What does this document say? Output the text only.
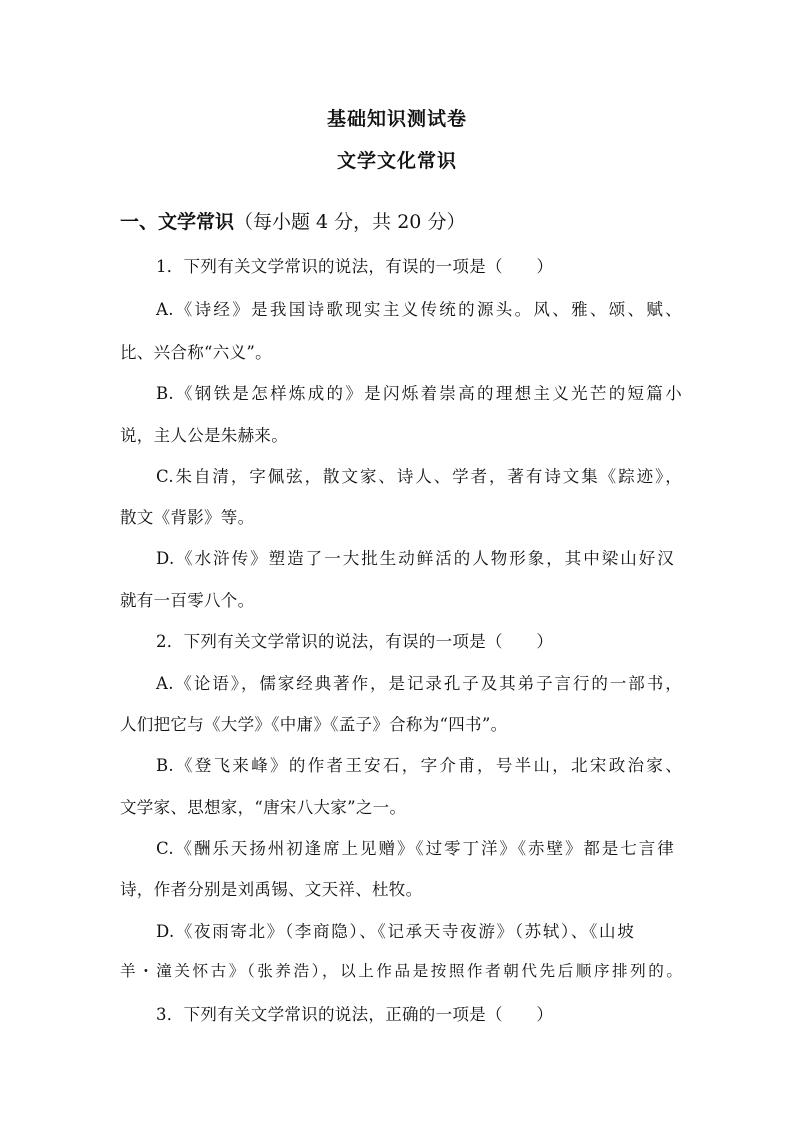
基础知识测试卷
文学文化常识
一、文学常识（每小题 4 分，共 20 分）
1．下列有关文学常识的说法，有误的一项是（　　）
A.《诗经》是我国诗歌现实主义传统的源头。风、雅、颂、赋、
比、兴合称“六义”。
B.《钢铁是怎样炼成的》是闪烁着崇高的理想主义光芒的短篇小
说，主人公是朱赫来。
C.朱自清，字佩弦，散文家、诗人、学者，著有诗文集《踪迹》，
散文《背影》等。
D.《水浒传》塑造了一大批生动鲜活的人物形象，其中梁山好汉
就有一百零八个。
2．下列有关文学常识的说法，有误的一项是（　　）
A.《论语》，儒家经典著作，是记录孔子及其弟子言行的一部书，
人们把它与《大学》《中庸》《孟子》合称为“四书”。
B.《登飞来峰》的作者王安石，字介甫，号半山，北宋政治家、
文学家、思想家，“唐宋八大家”之一。
C.《酬乐天扬州初逢席上见赠》《过零丁洋》《赤壁》都是七言律
诗，作者分别是刘禹锡、文天祥、杜牧。
D.《夜雨寄北》（李商隐）、《记承天寺夜游》（苏轼）、《山坡
羊・潼关怀古》（张养浩），以上作品是按照作者朝代先后顺序排列的。
3．下列有关文学常识的说法，正确的一项是（　　）
